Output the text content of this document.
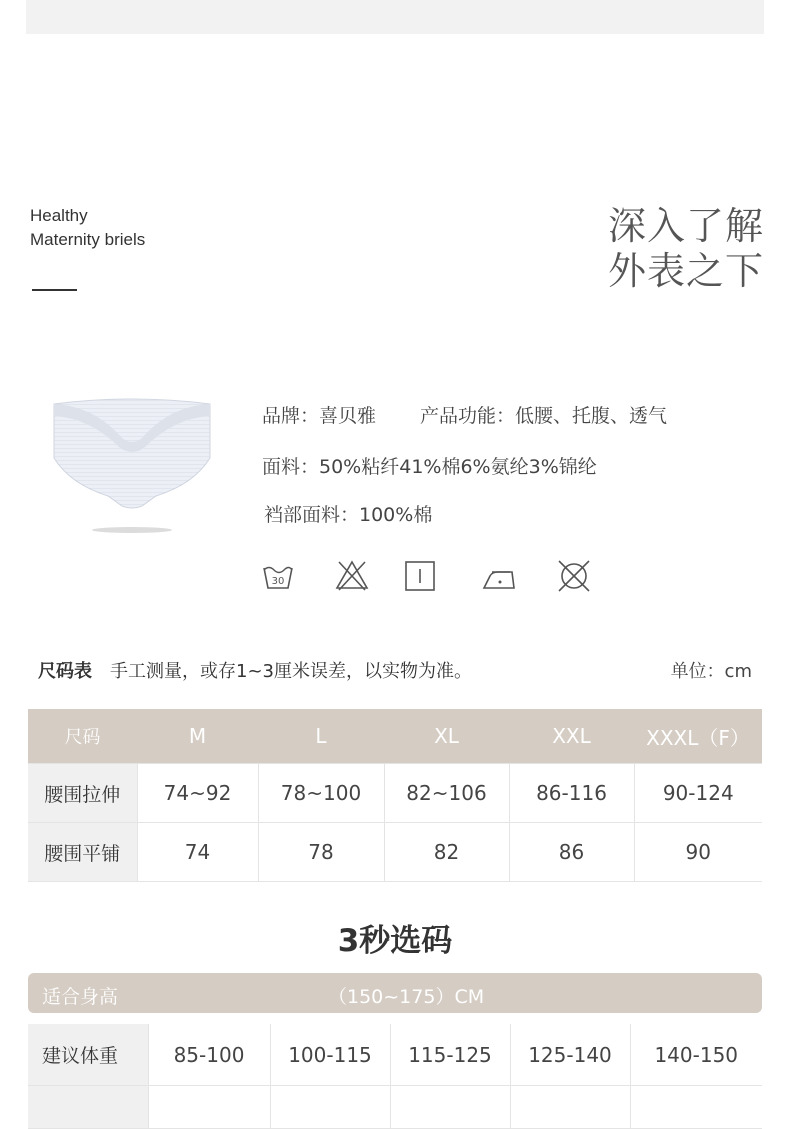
Healthy
Maternity briels	深入了解
外表之下
品牌：喜贝雅 产品功能：低腰、托腹、透气
面料：50%粘纤41%棉6%氨纶3%锦纶
裆部面料：100%棉
30
尺码表 手工测量，或存1~3厘米误差，以实物为准。	单位：cm
尺码	M	L	XL	XXL	XXXL（F）
腰围拉伸	74~92	78~100	82~106	86-116	90-124
腰围平铺	74	78	82	86	90
3秒选码
适合身高	（150~175）CM
建议体重	85-100	100-115	115-125	125-140	140-150
